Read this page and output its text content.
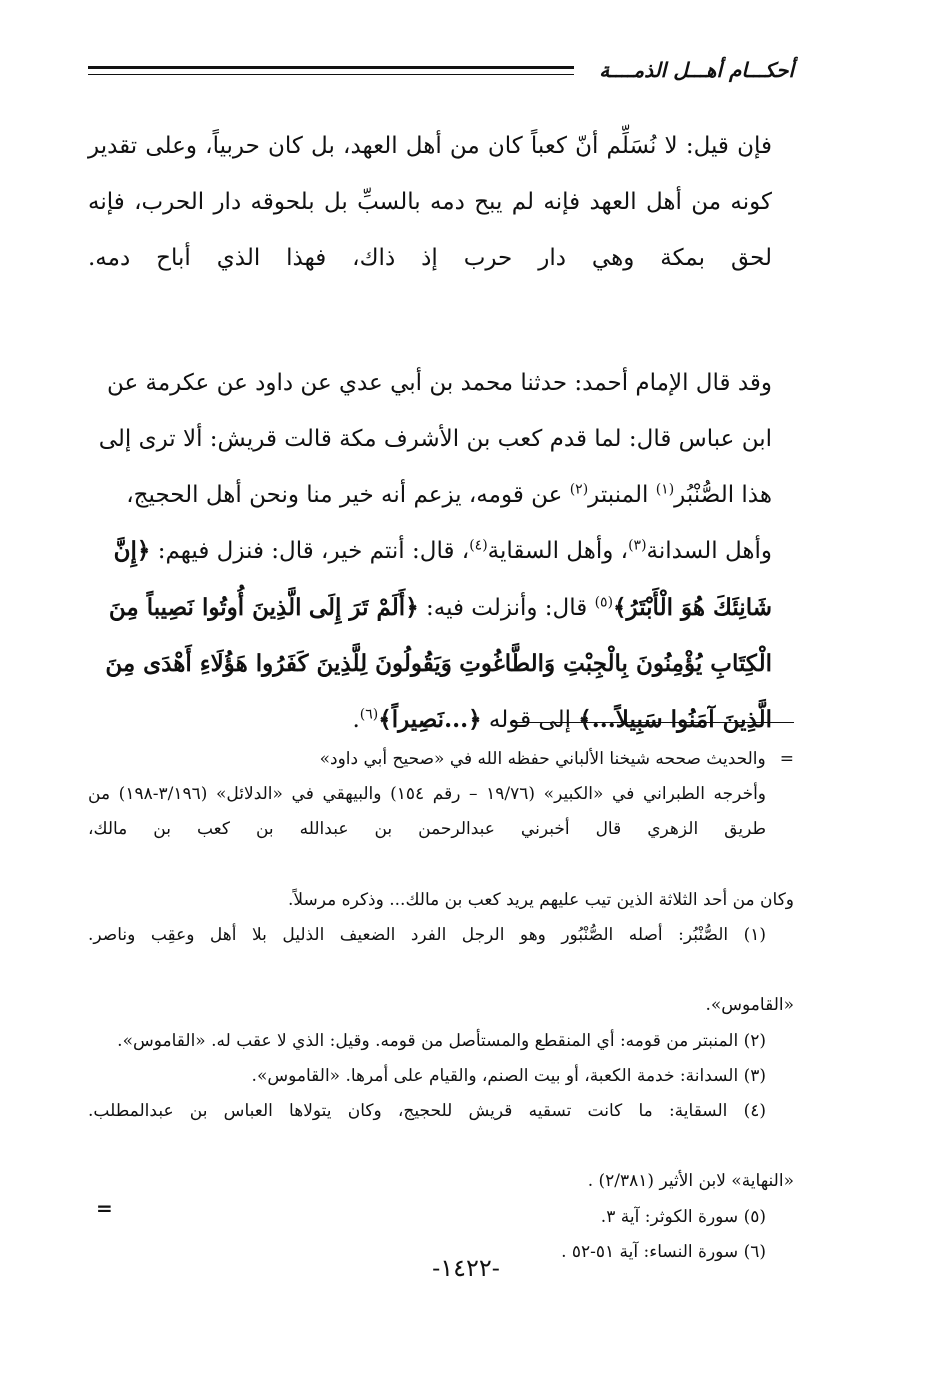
أحكـــام أهـــل الذمــــة

فإن قيل: لا نُسَلِّم أنّ كعباً كان من أهل العهد، بل كان حربياً، وعلى تقدير كونه من أهل العهد فإنه لم يبح دمه بالسبِّ بل بلحوقه دار الحرب، فإنه لحق بمكة وهي دار حرب إذ ذاك، فهذا الذي أباح دمه.

وقد قال الإمام أحمد: حدثنا محمد بن أبي عدي عن داود عن عكرمة عن ابن عباس قال: لما قدم كعب بن الأشرف مكة قالت قريش: ألا ترى إلى هذا الصُّنْبُر$^{(١)}$ المنبتر$^{(٢)}$ عن قومه، يزعم أنه خير منا ونحن أهل الحجيج، وأهل السدانة$^{(٣)}$، وأهل السقاية$^{(٤)}$، قال: أنتم خير، قال: فنزل فيهم: ﴿إِنَّ شَانِئَكَ هُوَ الْأَبْتَرُ﴾$^{(٥)}$ قال: وأنزلت فيه: ﴿أَلَمْ تَرَ إِلَى الَّذِينَ أُوتُوا نَصِيباً مِنَ الْكِتَابِ يُؤْمِنُونَ بِالْجِبْتِ وَالطَّاغُوتِ وَيَقُولُونَ لِلَّذِينَ كَفَرُوا هَؤُلَاءِ أَهْدَى مِنَ الَّذِينَ آمَنُوا سَبِيلاً...﴾ إلى قوله ﴿...نَصِيراً﴾$^{(٦)}$.

=والحديث صححه شيخنا الألباني حفظه الله في «صحيح أبي داود»

وأخرجه الطبراني في «الكبير» (١٩/٧٦ – رقم ١٥٤) والبيهقي في «الدلائل» (٣/١٩٦-١٩٨) من طريق الزهري قال أخبرني عبدالرحمن بن عبدالله بن كعب بن مالك،

وكان من أحد الثلاثة الذين تيب عليهم يريد كعب بن مالك... وذكره مرسلاً.

(١) الصُّنْبُر: أصله الصُّنْبُور وهو الرجل الفرد الضعيف الذليل بلا أهل وعقِب وناصر.

«القاموس».

(٢) المنبتر من قومه: أي المنقطع والمستأصل من قومه. وقيل: الذي لا عقب له. «القاموس».

(٣) السدانة: خدمة الكعبة، أو بيت الصنم، والقيام على أمرها. «القاموس».

(٤) السقاية: ما كانت تسقيه قريش للحجيج، وكان يتولاها العباس بن عبدالمطلب.

«النهاية» لابن الأثير (٢/٣٨١) .

(٥) سورة الكوثر: آية ٣.

(٦) سورة النساء: آية ٥١-٥٢ .

=
-١٤٢٢-
